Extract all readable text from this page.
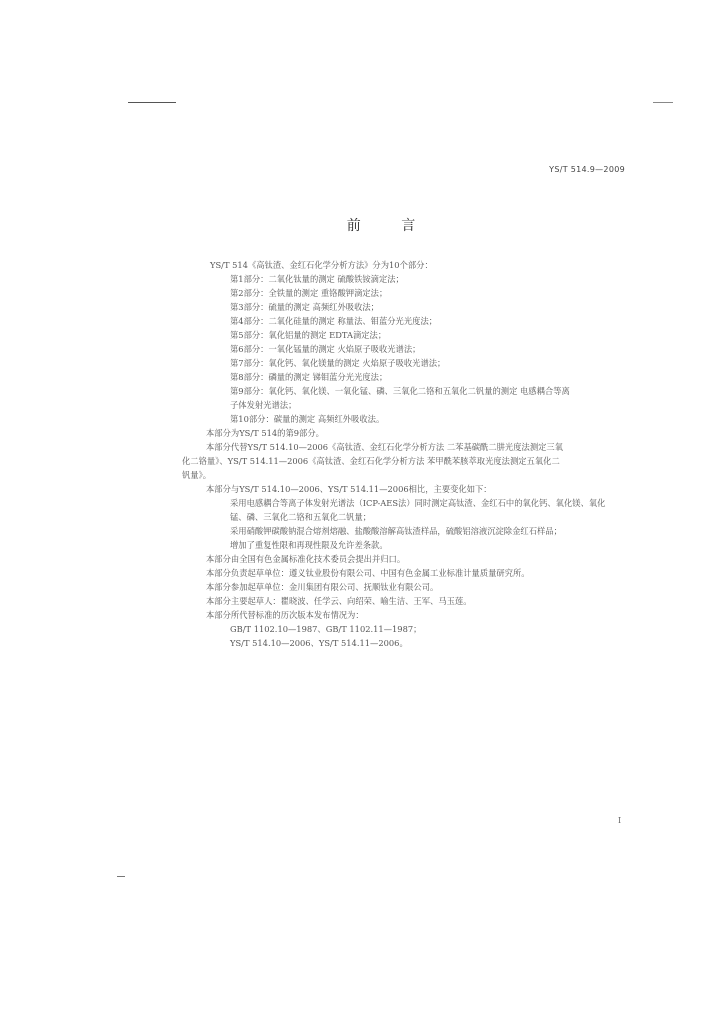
YS/T 514.9—2009
前 言

YS/T 514《高钛渣、金红石化学分析方法》分为10个部分：

第1部分：二氧化钛量的测定 硫酸铁铵滴定法；

第2部分：全铁量的测定 重铬酸钾滴定法；

第3部分：硫量的测定 高频红外吸收法；

第4部分：二氧化硅量的测定 称量法、钼蓝分光光度法；

第5部分：氧化铝量的测定 EDTA滴定法；

第6部分：一氧化锰量的测定 火焰原子吸收光谱法；

第7部分：氧化钙、氧化镁量的测定 火焰原子吸收光谱法；

第8部分：磷量的测定 锑钼蓝分光光度法；

第9部分：氧化钙、氧化镁、一氧化锰、磷、三氧化二铬和五氧化二钒量的测定 电感耦合等离

子体发射光谱法；

第10部分：碳量的测定 高频红外吸收法。

本部分为YS/T 514的第9部分。

本部分代替YS/T 514.10—2006《高钛渣、金红石化学分析方法 二苯基碳酰二肼光度法测定三氧

化二铬量》、YS/T 514.11—2006《高钛渣、金红石化学分析方法 苯甲酰苯胲萃取光度法测定五氧化二

钒量》。

本部分与YS/T 514.10—2006、YS/T 514.11—2006相比，主要变化如下：

采用电感耦合等离子体发射光谱法（ICP-AES法）同时测定高钛渣、金红石中的氧化钙、氧化镁、氧化

锰、磷、三氧化二铬和五氧化二钒量；

采用硝酸钾碳酸钠混合熔剂熔融、盐酸酸溶解高钛渣样品，硫酸铝溶液沉淀除金红石样品；

增加了重复性限和再现性限及允许差条款。

本部分由全国有色金属标准化技术委员会提出并归口。

本部分负责起草单位：遵义钛业股份有限公司、中国有色金属工业标准计量质量研究所。

本部分参加起草单位：金川集团有限公司、抚顺钛业有限公司。

本部分主要起草人：瞿晓波、任学云、向绍荣、喻生洁、王军、马玉莲。

本部分所代替标准的历次版本发布情况为：

GB/T 1102.10—1987、GB/T 1102.11—1987；

YS/T 514.10—2006、YS/T 514.11—2006。

I
